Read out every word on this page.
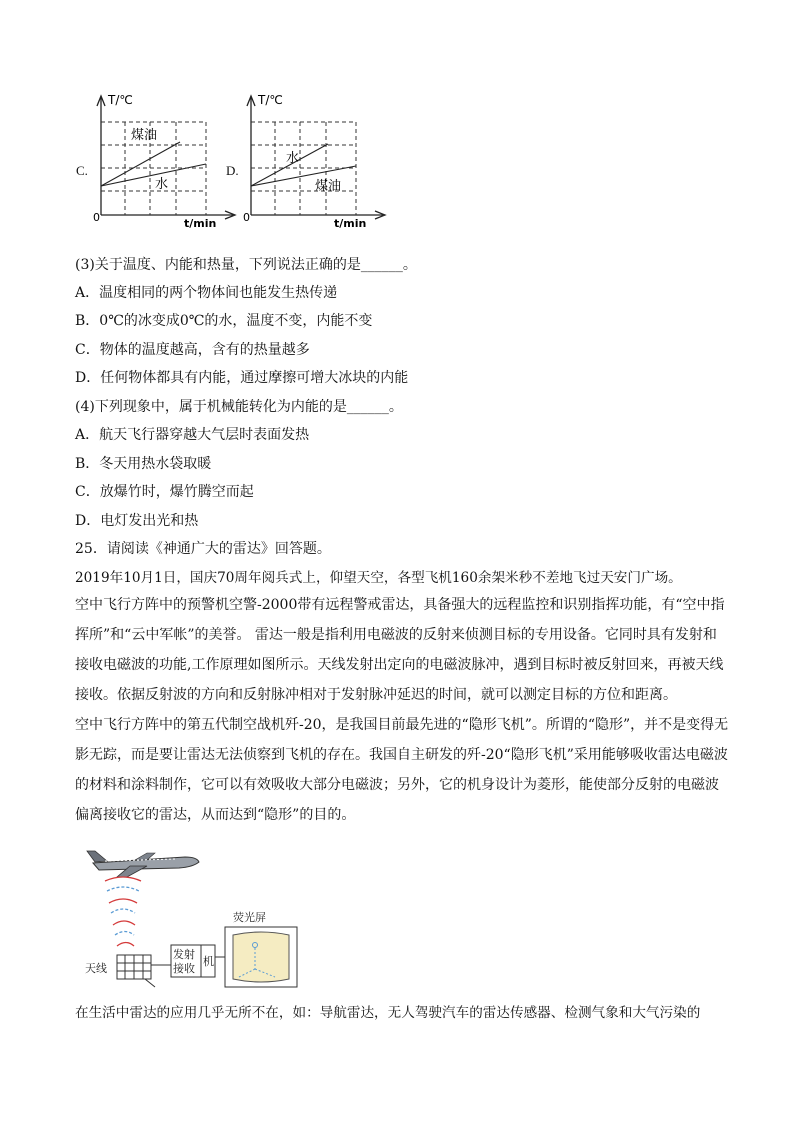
C.
T/℃
0	t/min
煤油
水
D.
T/℃
0	t/min
水
煤油
(3)关于温度、内能和热量，下列说法正确的是______。
A．温度相同的两个物体间也能发生热传递
B．0℃的冰变成0℃的水，温度不变，内能不变
C．物体的温度越高，含有的热量越多
D．任何物体都具有内能，通过摩擦可增大冰块的内能
(4)下列现象中，属于机械能转化为内能的是______。
A．航天飞行器穿越大气层时表面发热
B．冬天用热水袋取暖
C．放爆竹时，爆竹腾空而起
D．电灯发出光和热
25．请阅读《神通广大的雷达》回答题。
2019年10月1日，国庆70周年阅兵式上，仰望天空，各型飞机160余架米秒不差地飞过天安门广场。
空中飞行方阵中的预警机空警-2000带有远程警戒雷达，具备强大的远程监控和识别指挥功能，有“空中指挥所”和“云中军帐”的美誉。 雷达一般是指利用电磁波的反射来侦测目标的专用设备。它同时具有发射和接收电磁波的功能,工作原理如图所示。天线发射出定向的电磁波脉冲，遇到目标时被反射回来，再被天线接收。依据反射波的方向和反射脉冲相对于发射脉冲延迟的时间，就可以测定目标的方位和距离。
空中飞行方阵中的第五代制空战机歼-20，是我国目前最先进的“隐形飞机”。所谓的“隐形”，并不是变得无影无踪，而是要让雷达无法侦察到飞机的存在。我国自主研发的歼-20“隐形飞机”采用能够吸收雷达电磁波的材料和涂料制作，它可以有效吸收大部分电磁波；另外，它的机身设计为菱形，能使部分反射的电磁波偏离接收它的雷达，从而达到“隐形”的目的。
天线
发射
接收
机
荧光屏
在生活中雷达的应用几乎无所不在，如：导航雷达，无人驾驶汽车的雷达传感器、检测气象和大气污染的
